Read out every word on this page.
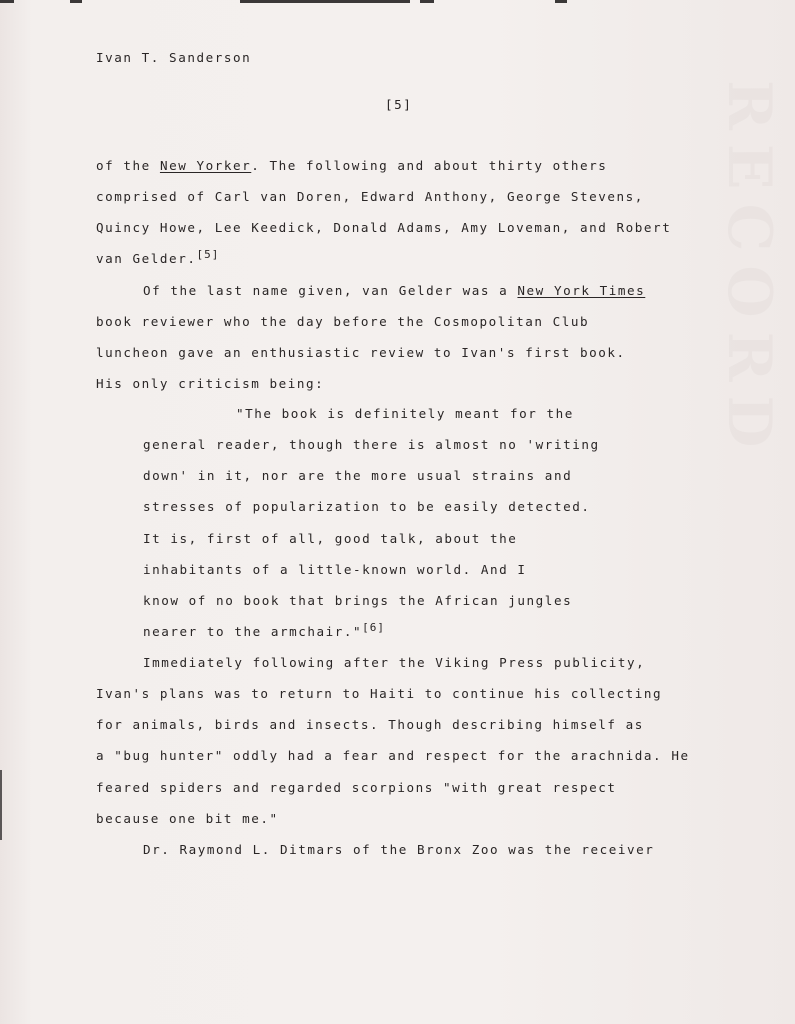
RECORD
Ivan T. Sanderson
[5]
of the New Yorker. The following and about thirty others
comprised of Carl van Doren, Edward Anthony, George Stevens,
Quincy Howe, Lee Keedick, Donald Adams, Amy Loveman, and Robert
van Gelder.[5]
Of the last name given, van Gelder was a New York Times
book reviewer who the day before the Cosmopolitan Club
luncheon gave an enthusiastic review to Ivan's first book.
His only criticism being:
"The book is definitely meant for the
general reader, though there is almost no 'writing
down' in it, nor are the more usual strains and
stresses of popularization to be easily detected.
It is, first of all, good talk, about the
inhabitants of a little-known world. And I
know of no book that brings the African jungles
nearer to the armchair."[6]
Immediately following after the Viking Press publicity,
Ivan's plans was to return to Haiti to continue his collecting
for animals, birds and insects. Though describing himself as
a "bug hunter" oddly had a fear and respect for the arachnida. He
feared spiders and regarded scorpions "with great respect
because one bit me."
Dr. Raymond L. Ditmars of the Bronx Zoo was the receiver
